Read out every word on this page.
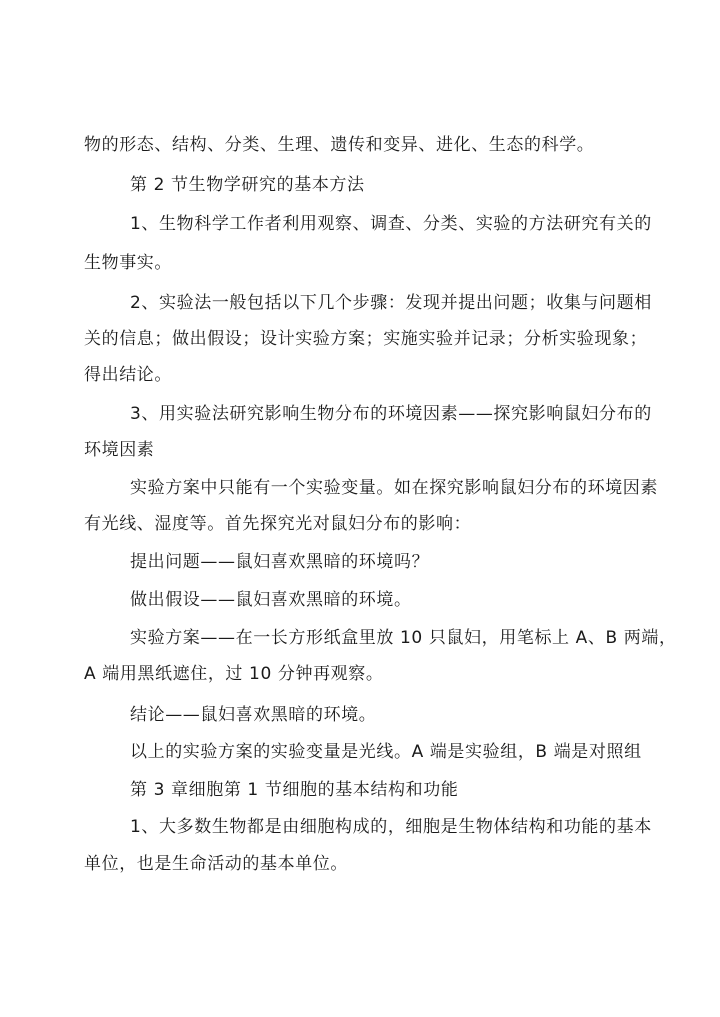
物的形态、结构、分类、生理、遗传和变异、进化、生态的科学。
第 2 节生物学研究的基本方法
1、生物科学工作者利用观察、调查、分类、实验的方法研究有关的
生物事实。
2、实验法一般包括以下几个步骤：发现并提出问题；收集与问题相
关的信息；做出假设；设计实验方案；实施实验并记录；分析实验现象；
得出结论。
3、用实验法研究影响生物分布的环境因素——探究影响鼠妇分布的
环境因素
实验方案中只能有一个实验变量。如在探究影响鼠妇分布的环境因素
有光线、湿度等。首先探究光对鼠妇分布的影响：
提出问题——鼠妇喜欢黑暗的环境吗？
做出假设——鼠妇喜欢黑暗的环境。
实验方案——在一长方形纸盒里放 10 只鼠妇，用笔标上 A、B 两端，
A 端用黑纸遮住，过 10 分钟再观察。
结论——鼠妇喜欢黑暗的环境。
以上的实验方案的实验变量是光线。A 端是实验组，B 端是对照组
第 3 章细胞第 1 节细胞的基本结构和功能
1、大多数生物都是由细胞构成的，细胞是生物体结构和功能的基本
单位，也是生命活动的基本单位。
